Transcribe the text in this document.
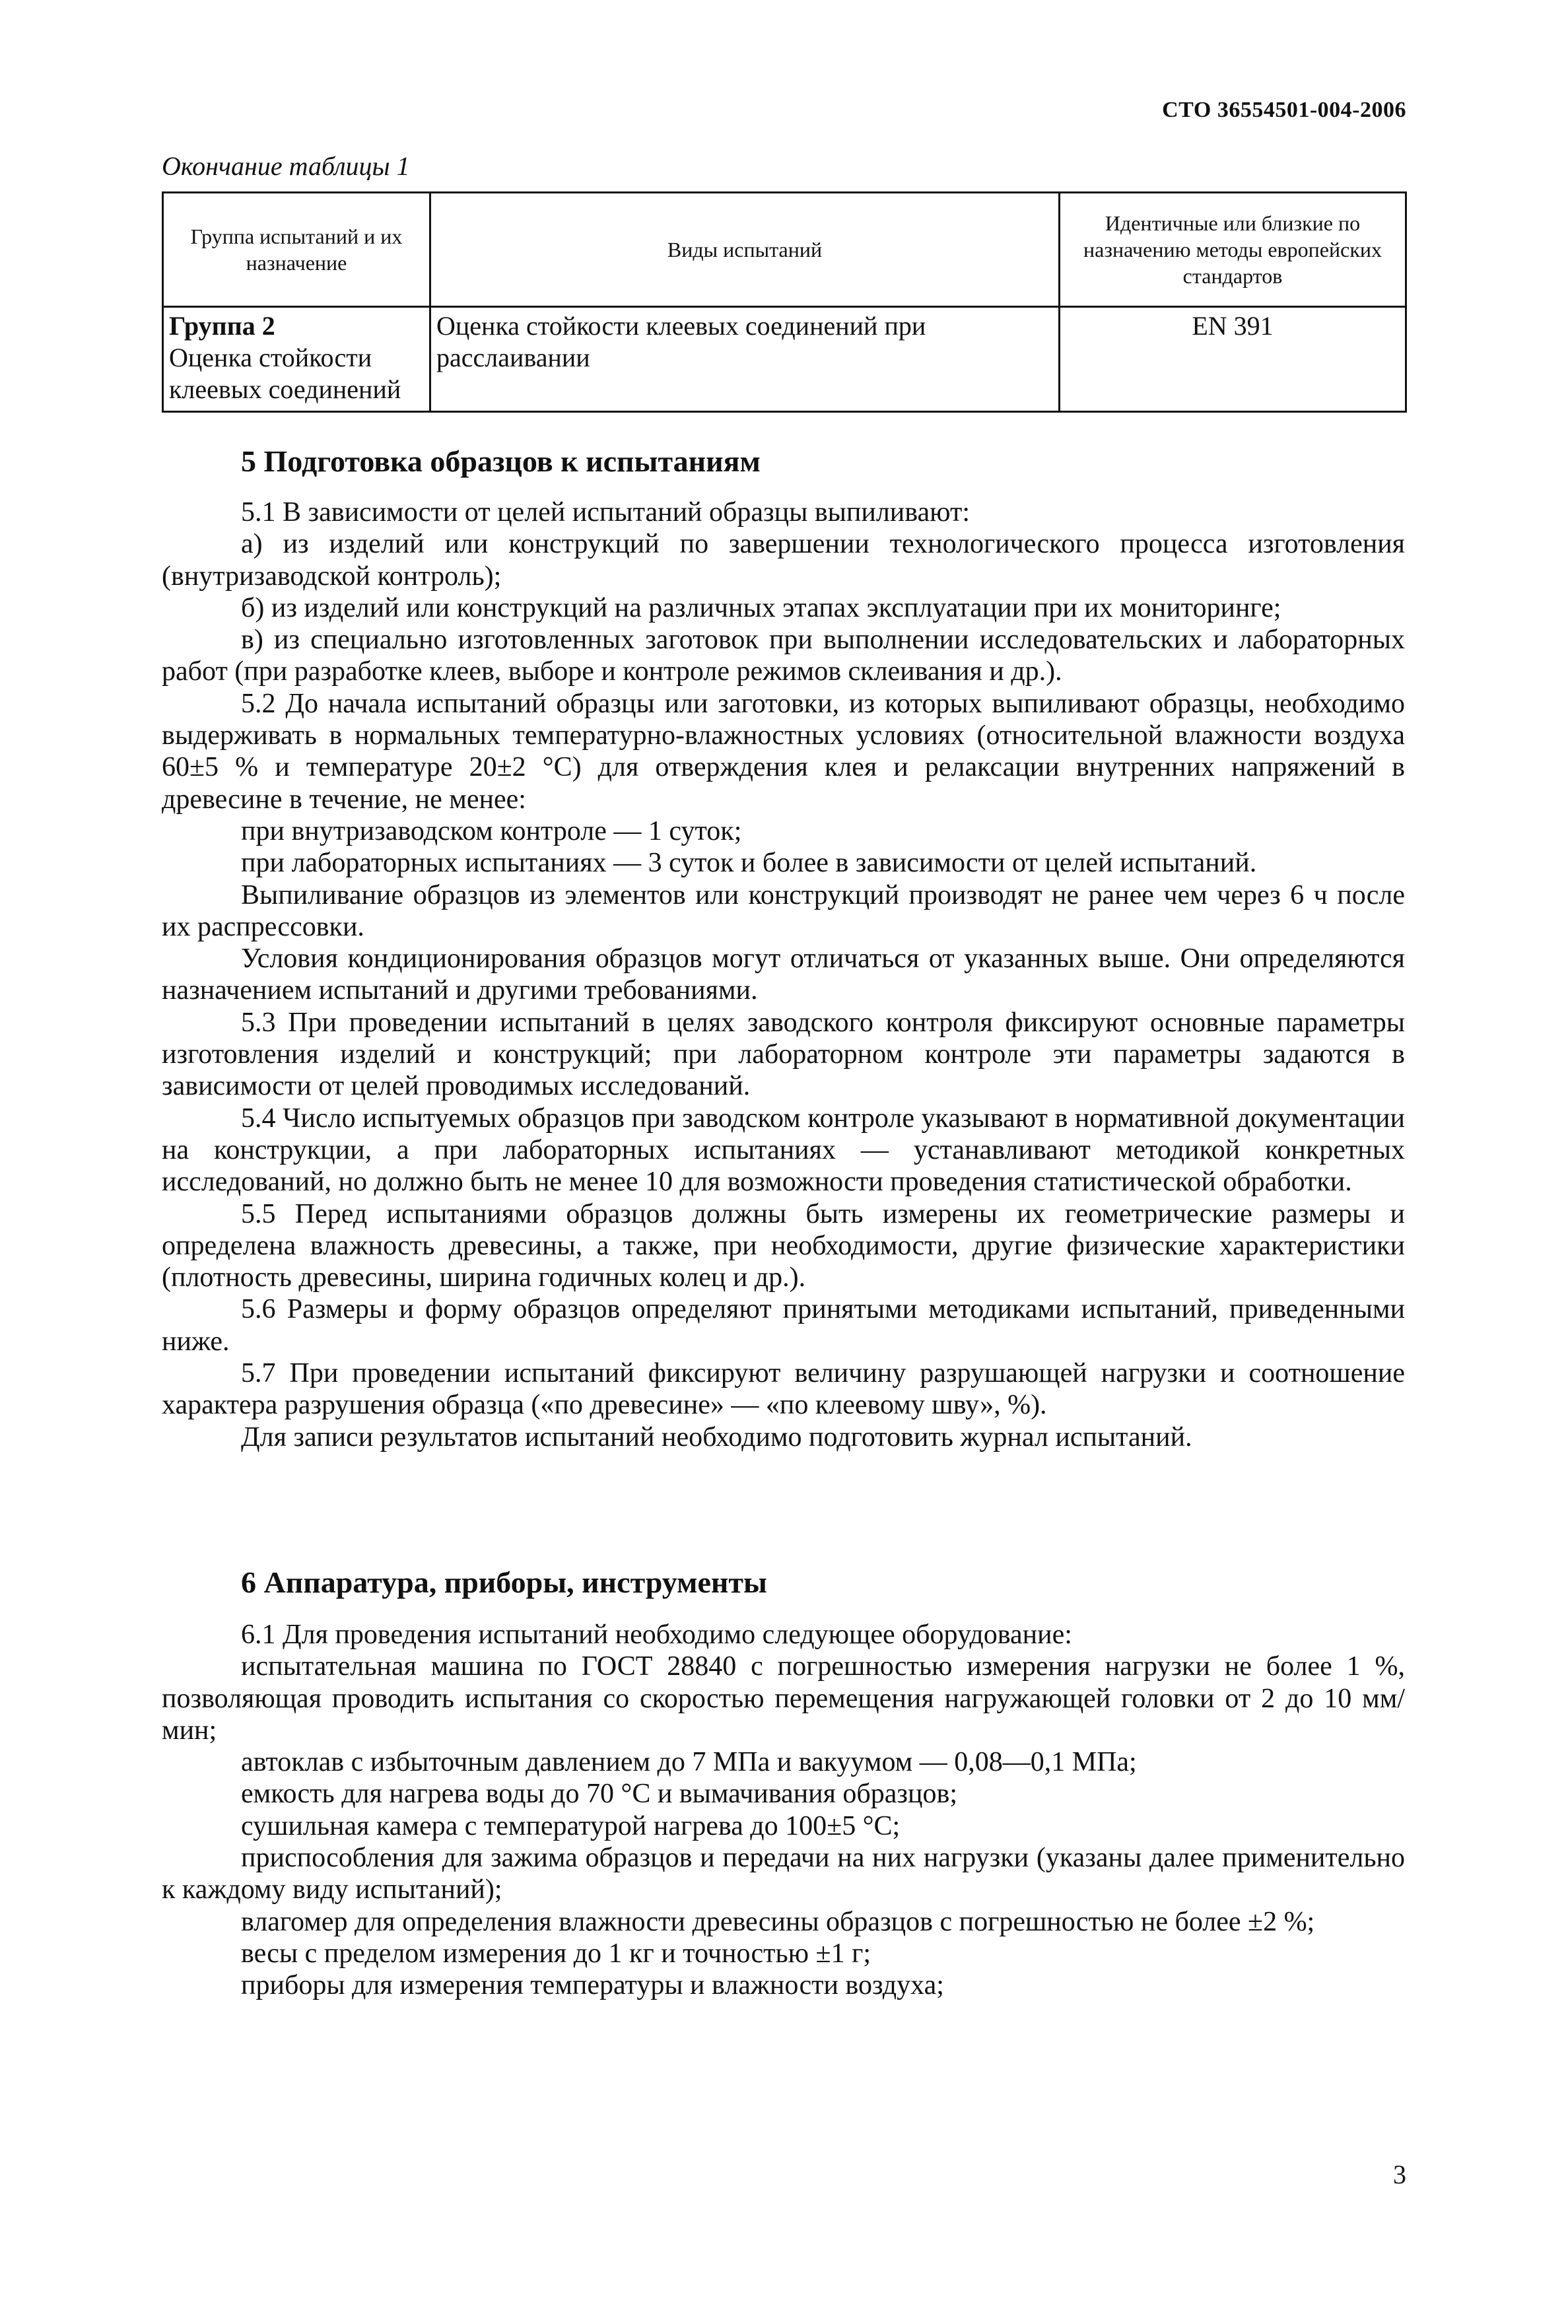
СТО 36554501-004-2006
Окончание таблицы 1
Группа испытаний и их назначение	Виды испытаний	Идентичные или близкие по назначению методы европейских стандартов

Группа 2
Оценка стойкости клеевых соединений	Оценка стойкости клеевых соединений при расслаивании	EN 391
5 Подготовка образцов к испытаниям

5.1 В зависимости от целей испытаний образцы выпиливают:

а) из изделий или конструкций по завершении технологического процесса изготовления (внутризаводской контроль);

б) из изделий или конструкций на различных этапах эксплуатации при их мониторинге;

в) из специально изготовленных заготовок при выполнении исследовательских и лабораторных работ (при разработке клеев, выборе и контроле режимов склеивания и др.).

5.2 До начала испытаний образцы или заготовки, из которых выпиливают образцы, необходимо выдерживать в нормальных температурно-влажностных условиях (относительной влажности воздуха 60±5 % и температуре 20±2 °С) для отверждения клея и релаксации внутренних напряжений в древесине в течение, не менее:

при внутризаводском контроле — 1 суток;

при лабораторных испытаниях — 3 суток и более в зависимости от целей испытаний.

Выпиливание образцов из элементов или конструкций производят не ранее чем через 6 ч после их распрессовки.

Условия кондиционирования образцов могут отличаться от указанных выше. Они определяются назначением испытаний и другими требованиями.

5.3 При проведении испытаний в целях заводского контроля фиксируют основные параметры изготовления изделий и конструкций; при лабораторном контроле эти параметры задаются в зависимости от целей проводимых исследований.

5.4 Число испытуемых образцов при заводском контроле указывают в нормативной документации на конструкции, а при лабораторных испытаниях — устанавливают методикой конкретных исследований, но должно быть не менее 10 для возможности проведения статистической обработки.

5.5 Перед испытаниями образцов должны быть измерены их геометрические размеры и определена влажность древесины, а также, при необходимости, другие физические характеристики (плотность древесины, ширина годичных колец и др.).

5.6 Размеры и форму образцов определяют принятыми методиками испытаний, приведенными ниже.

5.7 При проведении испытаний фиксируют величину разрушающей нагрузки и соотношение характера разрушения образца («по древесине» — «по клеевому шву», %).

Для записи результатов испытаний необходимо подготовить журнал испытаний.

6 Аппаратура, приборы, инструменты

6.1 Для проведения испытаний необходимо следующее оборудование:

испытательная машина по ГОСТ 28840 с погрешностью измерения нагрузки не более 1 %, позволяющая проводить испытания со скоростью перемещения нагружающей головки от 2 до 10 мм/ мин;

автоклав с избыточным давлением до 7 МПа и вакуумом — 0,08—0,1 МПа;

емкость для нагрева воды до 70 °С и вымачивания образцов;

сушильная камера с температурой нагрева до 100±5 °С;

приспособления для зажима образцов и передачи на них нагрузки (указаны далее применительно к каждому виду испытаний);

влагомер для определения влажности древесины образцов с погрешностью не более ±2 %;

весы с пределом измерения до 1 кг и точностью ±1 г;

приборы для измерения температуры и влажности воздуха;

3
